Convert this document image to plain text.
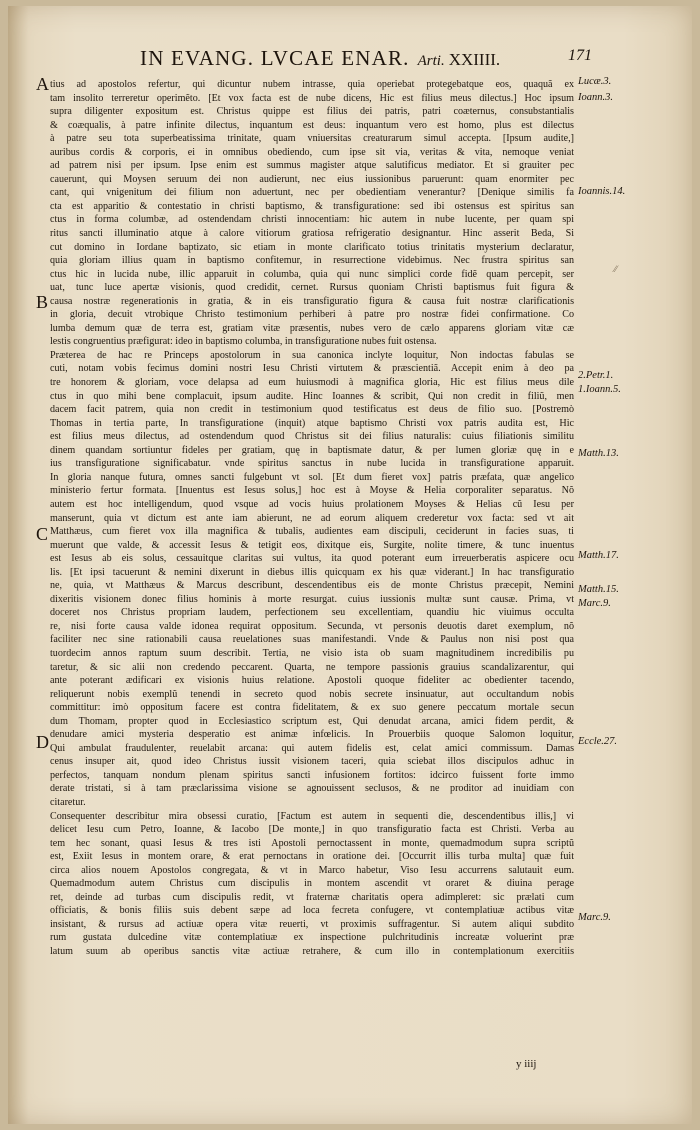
IN EVANG. LVCAE ENAR. Arti. XXIIII.	171
A
B
C
D
tius ad apostolos refertur, qui dicuntur nubem intrasse, quia operiebat protegebatque eos, quaquã ex
tam insolito terreretur operimẽto. [Et vox facta est de nube dicens, Hic est filius meus dilectus.] Hoc ipsum
supra diligenter expositum est. Christus quippe est filius dei patris, patri coæternus, consubstantialis
& coæqualis, à patre infinite dilectus, inquantum est deus: inquantum vero est homo, plus est dilectus
à patre seu tota superbeatissima trinitate, quam vniuersitas creaturarum simul accepta. [Ipsum audite,]
auribus cordis & corporis, ei in omnibus obediendo, cum ipse sit via, veritas & vita, nemoque veniat
ad patrem nisi per ipsum. Ipse enim est summus magister atque salutificus mediator. Et si grauiter pec
cauerunt, qui Moysen seruum dei non audierunt, nec eius iussionibus paruerunt: quam enormiter pec
cant, qui vnigenitum dei filium non aduertunt, nec per obedientiam venerantur? [Denique similis fa
cta est apparitio & contestatio in christi baptismo, & transfiguratione: sed ibi ostensus est spiritus san
ctus in forma columbæ, ad ostendendam christi innocentiam: hic autem in nube lucente, per quam spi
ritus sancti illuminatio atque à calore vitiorum gratiosa refrigeratio designantur. Hinc asserit Beda, Si
cut domino in Iordane baptizato, sic etiam in monte clarificato totius trinitatis mysterium declaratur,
quia gloriam illius quam in baptismo confitemur, in resurrectione videbimus. Nec frustra spiritus san
ctus hic in lucida nube, illic apparuit in columba, quia qui nunc simplici corde fidẽ quam percepit, ser
uat, tunc luce apertæ visionis, quod credidit, cernet. Rursus quoniam Christi baptismus fuit figura &
causa nostræ regenerationis in gratia, & in eis transfiguratio figura & causa fuit nostræ clarificationis
in gloria, decuit vtrobique Christo testimonium perhiberi à patre pro nostræ fidei confirmatione. Co
lumba demum quæ de terra est, gratiam vitæ præsentis, nubes vero de cælo apparens gloriam vitæ cæ
lestis congruentius præfigurat: ideo in baptismo columba, in transfiguratione nubes fuit ostensa.
Præterea de hac re Princeps apostolorum in sua canonica inclyte loquitur, Non indoctas fabulas se
cuti, notam vobis fecimus domini nostri Iesu Christi virtutem & præscientiã. Accepit enim à deo pa
tre honorem & gloriam, voce delapsa ad eum huiusmodi à magnifica gloria, Hic est filius meus dile
ctus in quo mihi bene complacuit, ipsum audite. Hinc Ioannes & scribit, Qui non credit in filiũ, men
dacem facit patrem, quia non credit in testimonium quod testificatus est deus de filio suo. [Postremò
Thomas in tertia parte, In transfiguratione (inquit) atque baptismo Christi vox patris audita est, Hic
est filius meus dilectus, ad ostendendum quod Christus sit dei filius naturalis: cuius filiationis similitu
dinem quandam sortiuntur fideles per gratiam, quę in baptismate datur, & per lumen gloriæ quę in e
ius transfiguratione significabatur. vnde spiritus sanctus in nube lucida in transfiguratione apparuit.
In gloria nanque futura, omnes sancti fulgebunt vt sol. [Et dum fieret vox] patris præfata, quæ angelico
ministerio fertur formata. [Inuentus est Iesus solus,] hoc est à Moyse & Helia corporaliter separatus. Nõ
autem est hoc intelligendum, quod vsque ad vocis huius prolationem Moyses & Helias cũ Iesu per
manserunt, quia vt dictum est ante iam abierunt, ne ad eorum aliquem crederetur vox facta: sed vt ait
Matthæus, cum fieret vox illa magnifica & tubalis, audientes eam discipuli, ceciderunt in facies suas, ti
muerunt que valde, & accessit Iesus & tetigit eos, dixitque eis, Surgite, nolite timere, & tunc inuentus
est Iesus ab eis solus, cessauitque claritas sui vultus, ita quod poterant eum irreuerberatis aspicere ocu
lis. [Et ipsi tacuerunt & nemini dixerunt in diebus illis quicquam ex his quæ viderant.] In hac transfiguratio
ne, quia, vt Matthæus & Marcus describunt, descendentibus eis de monte Christus præcepit, Nemini
dixeritis visionem donec filius hominis à morte resurgat. cuius iussionis multæ sunt causæ. Prima, vt
doceret nos Christus propriam laudem, perfectionem seu excellentiam, quandiu hic viuimus occulta
re, nisi forte causa valde idonea requirat oppositum. Secunda, vt personis deuotis daret exemplum, nõ
faciliter nec sine rationabili causa reuelationes suas manifestandi. Vnde & Paulus non nisi post qua
tuordecim annos raptum suum describit. Tertia, ne visio ista ob suam magnitudinem incredibilis pu
taretur, & sic alii non credendo peccarent. Quarta, ne tempore passionis grauius scandalizarentur, qui
ante poterant ædificari ex visionis huius relatione. Apostoli quoque fideliter ac obedienter tacendo,
reliquerunt nobis exemplũ tenendi in secreto quod nobis secrete insinuatur, aut occultandum nobis
committitur: imò oppositum facere est contra fidelitatem, & ex suo genere peccatum mortale secun
dum Thomam, propter quod in Ecclesiastico scriptum est, Qui denudat arcana, amici fidem perdit, &
denudare amici mysteria desperatio est animæ infœlicis. In Prouerbiis quoque Salomon loquitur,
Qui ambulat fraudulenter, reuelabit arcana: qui autem fidelis est, celat amici commissum. Damas
cenus insuper ait, quod ideo Christus iussit visionem taceri, quia sciebat illos discipulos adhuc in
perfectos, tanquam nondum plenam spiritus sancti infusionem fortitos: idcirco fuissent forte immo
derate tristati, si à tam præclarissima visione se agnouissent seclusos, & ne proditor ad inuidiam con
citaretur.
Consequenter describitur mira obsessi curatio, [Factum est autem in sequenti die, descendentibus illis,] vi
delicet Iesu cum Petro, Ioanne, & Iacobo [De monte,] in quo transfiguratio facta est Christi. Verba au
tem hec sonant, quasi Iesus & tres isti Apostoli pernoctassent in monte, quemadmodum supra scriptũ
est, Exiit Iesus in montem orare, & erat pernoctans in oratione dei. [Occurrit illis turba multa] quæ fuit
circa alios nouem Apostolos congregata, & vt in Marco habetur, Viso Iesu accurrens salutauit eum.
Quemadmodum autem Christus cum discipulis in montem ascendit vt oraret & diuina perage
ret, deinde ad turbas cum discipulis redit, vt fraternæ charitatis opera adimpleret: sic prælati cum
officiatis, & bonis filiis suis debent sæpe ad loca fecreta confugere, vt contemplatiuæ actibus vitæ
insistant, & rursus ad actiuæ opera vitæ reuerti, vt proximis suffragentur. Si autem aliqui subdito
rum gustata dulcedine vitæ contemplatiuæ ex inspectione pulchritudinis increatæ voluerint præ
latum suum ab operibus sanctis vitæ actiuæ retrahere, & cum illo in contemplationum exercitiis
Lucæ.3.
Ioann.3.
Ioannis.14.
2.Petr.1.
1.Ioann.5.
Matth.13.
Matth.17.
Matth.15.
Marc.9.
Eccle.27.
Marc.9.
⁄⁄
y iiij
